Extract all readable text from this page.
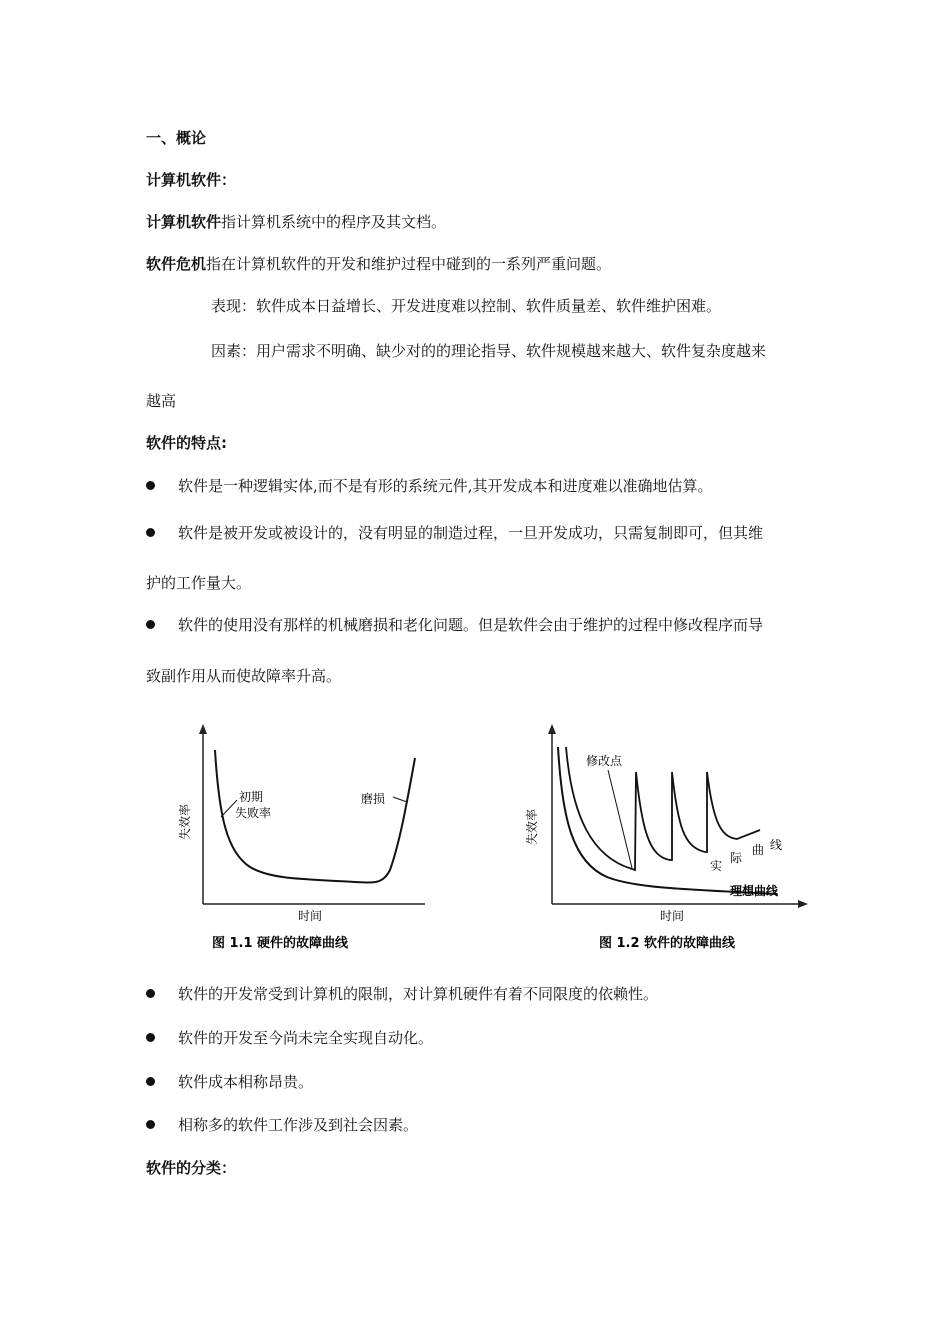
一、概论
计算机软件：
计算机软件指计算机系统中的程序及其文档。
软件危机指在计算机软件的开发和维护过程中碰到的一系列严重问题。
表现：软件成本日益增长、开发进度难以控制、软件质量差、软件维护困难。
因素：用户需求不明确、缺少对的的理论指导、软件规模越来越大、软件复杂度越来
越高
软件的特点:
软件是一种逻辑实体,而不是有形的系统元件,其开发成本和进度难以准确地估算。
软件是被开发或被设计的，没有明显的制造过程，一旦开发成功，只需复制即可，但其维
护的工作量大。
软件的使用没有那样的机械磨损和老化问题。但是软件会由于维护的过程中修改程序而导
致副作用从而使故障率升高。
失效率
时间
初期
失败率
磨损
图 1.1 硬件的故障曲线
失效率
时间
修改点
实
际
曲 线
理想曲线
图 1.2 软件的故障曲线
软件的开发常受到计算机的限制，对计算机硬件有着不同限度的依赖性。
软件的开发至今尚未完全实现自动化。
软件成本相称昂贵。
相称多的软件工作涉及到社会因素。
软件的分类：
